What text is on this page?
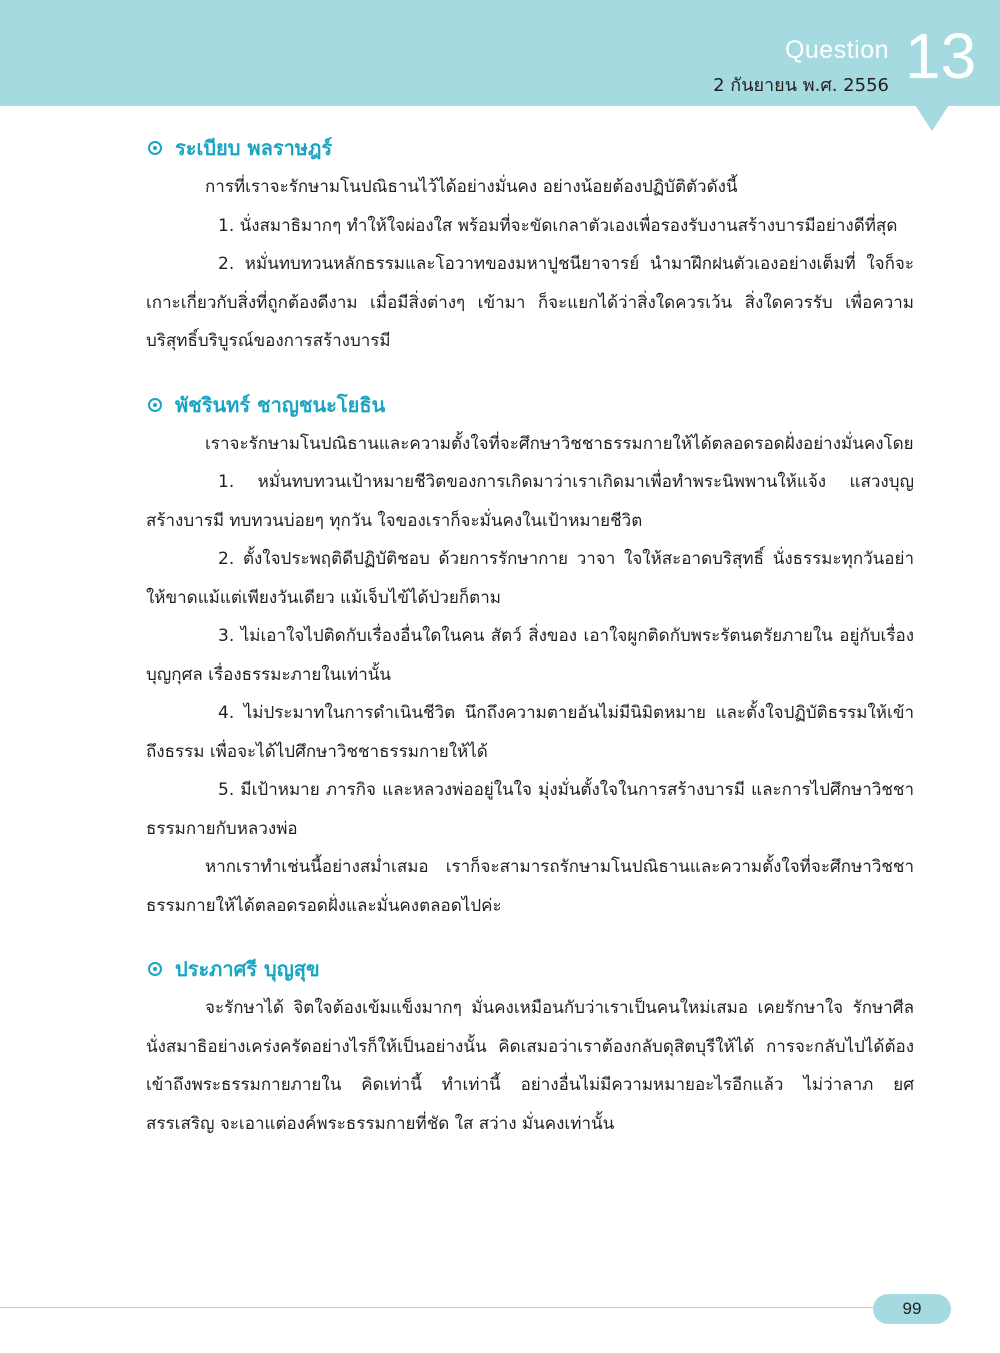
Question
2 กันยายน พ.ศ. 2556 13
ระเบียบ พลราษฎร์

การที่เราจะรักษามโนปณิธานไว้ได้อย่างมั่นคง อย่างน้อยต้องปฏิบัติตัวดังนี้

1. นั่งสมาธิมากๆ ทำให้ใจผ่องใส พร้อมที่จะขัดเกลาตัวเองเพื่อรองรับงานสร้างบารมีอย่างดีที่สุด

2. หมั่นทบทวนหลักธรรมและโอวาทของมหาปูชนียาจารย์ นำมาฝึกฝนตัวเองอย่างเต็มที่ ใจก็จะเกาะเกี่ยวกับสิ่งที่ถูกต้องดีงาม เมื่อมีสิ่งต่างๆ เข้ามา ก็จะแยกได้ว่าสิ่งใดควรเว้น สิ่งใดควรรับ เพื่อความบริสุทธิ์บริบูรณ์ของการสร้างบารมี

พัชรินทร์ ชาญชนะโยธิน

เราจะรักษามโนปณิธานและความตั้งใจที่จะศึกษาวิชชาธรรมกายให้ได้ตลอดรอดฝั่งอย่างมั่นคงโดย

1. หมั่นทบทวนเป้าหมายชีวิตของการเกิดมาว่าเราเกิดมาเพื่อทำพระนิพพานให้แจ้ง แสวงบุญ สร้างบารมี ทบทวนบ่อยๆ ทุกวัน ใจของเราก็จะมั่นคงในเป้าหมายชีวิต

2. ตั้งใจประพฤติดีปฏิบัติชอบ ด้วยการรักษากาย วาจา ใจให้สะอาดบริสุทธิ์ นั่งธรรมะทุกวันอย่าให้ขาดแม้แต่เพียงวันเดียว แม้เจ็บไข้ได้ป่วยก็ตาม

3. ไม่เอาใจไปติดกับเรื่องอื่นใดในคน สัตว์ สิ่งของ เอาใจผูกติดกับพระรัตนตรัยภายใน อยู่กับเรื่องบุญกุศล เรื่องธรรมะภายในเท่านั้น

4. ไม่ประมาทในการดำเนินชีวิต นึกถึงความตายอันไม่มีนิมิตหมาย และตั้งใจปฏิบัติธรรมให้เข้าถึงธรรม เพื่อจะได้ไปศึกษาวิชชาธรรมกายให้ได้

5. มีเป้าหมาย ภารกิจ และหลวงพ่ออยู่ในใจ มุ่งมั่นตั้งใจในการสร้างบารมี และการไปศึกษาวิชชาธรรมกายกับหลวงพ่อ

หากเราทำเช่นนี้อย่างสม่ำเสมอ เราก็จะสามารถรักษามโนปณิธานและความตั้งใจที่จะศึกษาวิชชาธรรมกายให้ได้ตลอดรอดฝั่งและมั่นคงตลอดไปค่ะ

ประภาศรี บุญสุข

จะรักษาได้ จิตใจต้องเข้มแข็งมากๆ มั่นคงเหมือนกับว่าเราเป็นคนใหม่เสมอ เคยรักษาใจ รักษาศีล นั่งสมาธิอย่างเคร่งครัดอย่างไรก็ให้เป็นอย่างนั้น คิดเสมอว่าเราต้องกลับดุสิตบุรีให้ได้ การจะกลับไปได้ต้องเข้าถึงพระธรรมกายภายใน คิดเท่านี้ ทำเท่านี้ อย่างอื่นไม่มีความหมายอะไรอีกแล้ว ไม่ว่าลาภ ยศ สรรเสริญ จะเอาแต่องค์พระธรรมกายที่ชัด ใส สว่าง มั่นคงเท่านั้น

99
